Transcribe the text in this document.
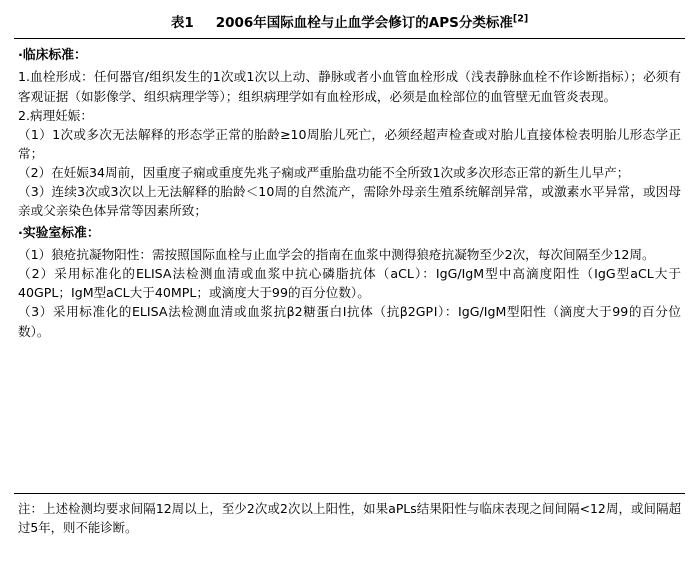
表1 2006年国际血栓与止血学会修订的APS分类标准[2]
·临床标准：
1.血栓形成：任何器官/组织发生的1次或1次以上动、静脉或者小血管血栓形成（浅表静脉血栓不作诊断指标）；必须有客观证据（如影像学、组织病理学等）；组织病理学如有血栓形成，必须是血栓部位的血管壁无血管炎表现。
2.病理妊娠：
（1）1次或多次无法解释的形态学正常的胎龄≥10周胎儿死亡，必须经超声检查或对胎儿直接体检表明胎儿形态学正常；
（2）在妊娠34周前，因重度子痫或重度先兆子痫或严重胎盘功能不全所致1次或多次形态正常的新生儿早产；
（3）连续3次或3次以上无法解释的胎龄＜10周的自然流产，需除外母亲生殖系统解剖异常，或激素水平异常，或因母亲或父亲染色体异常等因素所致；
·实验室标准：
（1）狼疮抗凝物阳性：需按照国际血栓与止血学会的指南在血浆中测得狼疮抗凝物至少2次，每次间隔至少12周。
（2）采用标准化的ELISA法检测血清或血浆中抗心磷脂抗体（aCL）：IgG/IgM型中高滴度阳性（IgG型aCL大于40GPL；IgM型aCL大于40MPL；或滴度大于99的百分位数）。
（3）采用标准化的ELISA法检测血清或血浆抗β2糖蛋白Ⅰ抗体（抗β2GPⅠ）：IgG/IgM型阳性（滴度大于99的百分位数）。
注：上述检测均要求间隔12周以上，至少2次或2次以上阳性，如果aPLs结果阳性与临床表现之间间隔<12周，或间隔超过5年，则不能诊断。
